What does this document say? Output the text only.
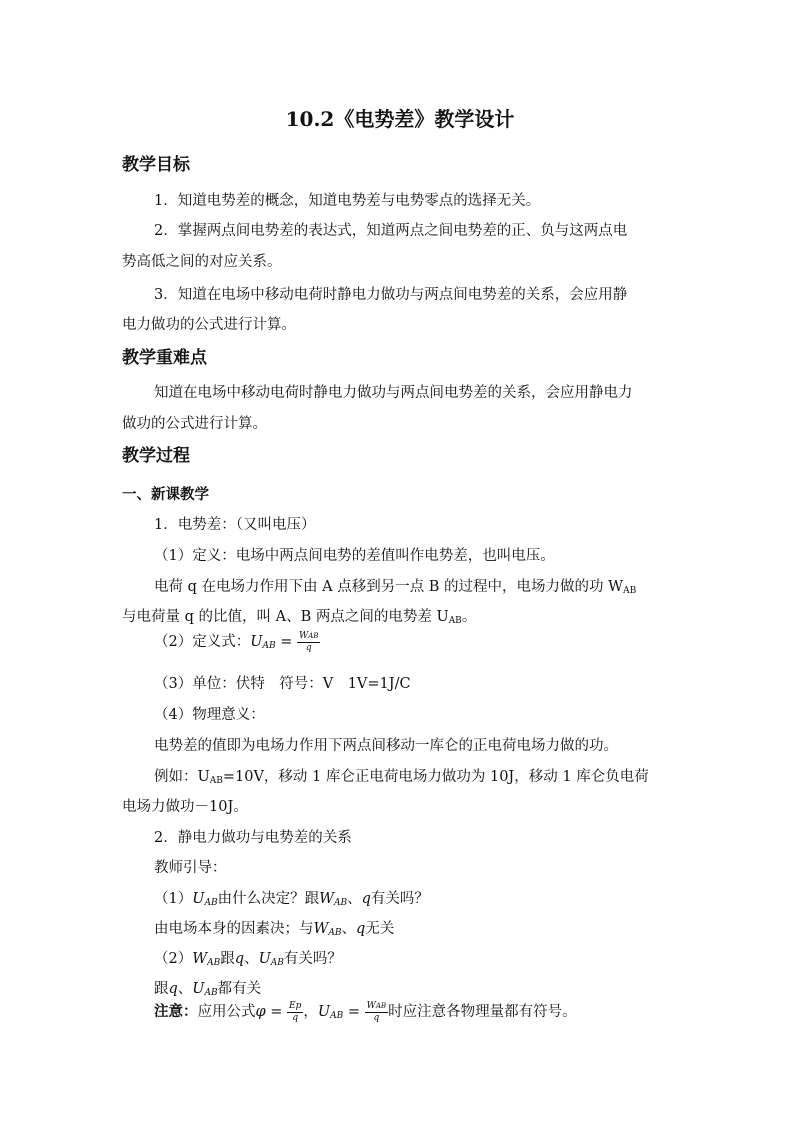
10.2《电势差》教学设计
教学目标
1．知道电势差的概念，知道电势差与电势零点的选择无关。
2．掌握两点间电势差的表达式，知道两点之间电势差的正、负与这两点电
势高低之间的对应关系。
3．知道在电场中移动电荷时静电力做功与两点间电势差的关系，会应用静
电力做功的公式进行计算。
教学重难点
知道在电场中移动电荷时静电力做功与两点间电势差的关系，会应用静电力
做功的公式进行计算。
教学过程
一、新课教学
1．电势差：（又叫电压）
（1）定义：电场中两点间电势的差值叫作电势差，也叫电压。
电荷 q 在电场力作用下由 A 点移到另一点 B 的过程中，电场力做的功 WAB
与电荷量 q 的比值，叫 A、B 两点之间的电势差 UAB。
（2）定义式：$U_{AB} = \frac{\text{WAB}}{q}$
（3）单位：伏特　符号：V　1V=1J/C
（4）物理意义：
电势差的值即为电场力作用下两点间移动一库仑的正电荷电场力做的功。
例如：UAB=10V，移动 1 库仑正电荷电场力做功为 10J，移动 1 库仑负电荷
电场力做功－10J。
2．静电力做功与电势差的关系
教师引导：
$(1)U_{AB}$由什么决定？跟$W_{AB}$、q有关吗？
由电场本身的因素决；与$W_{AB}$、q无关
$(2)W_{AB}$跟q、$U_{AB}$有关吗？
跟q、$U_{AB}$都有关
注意：应用公式$\varphi = \frac{Ep}{q}$ ，$U_{AB} = \frac{\text{WAB}}{q}$ 时应注意各物理量都有符号。
